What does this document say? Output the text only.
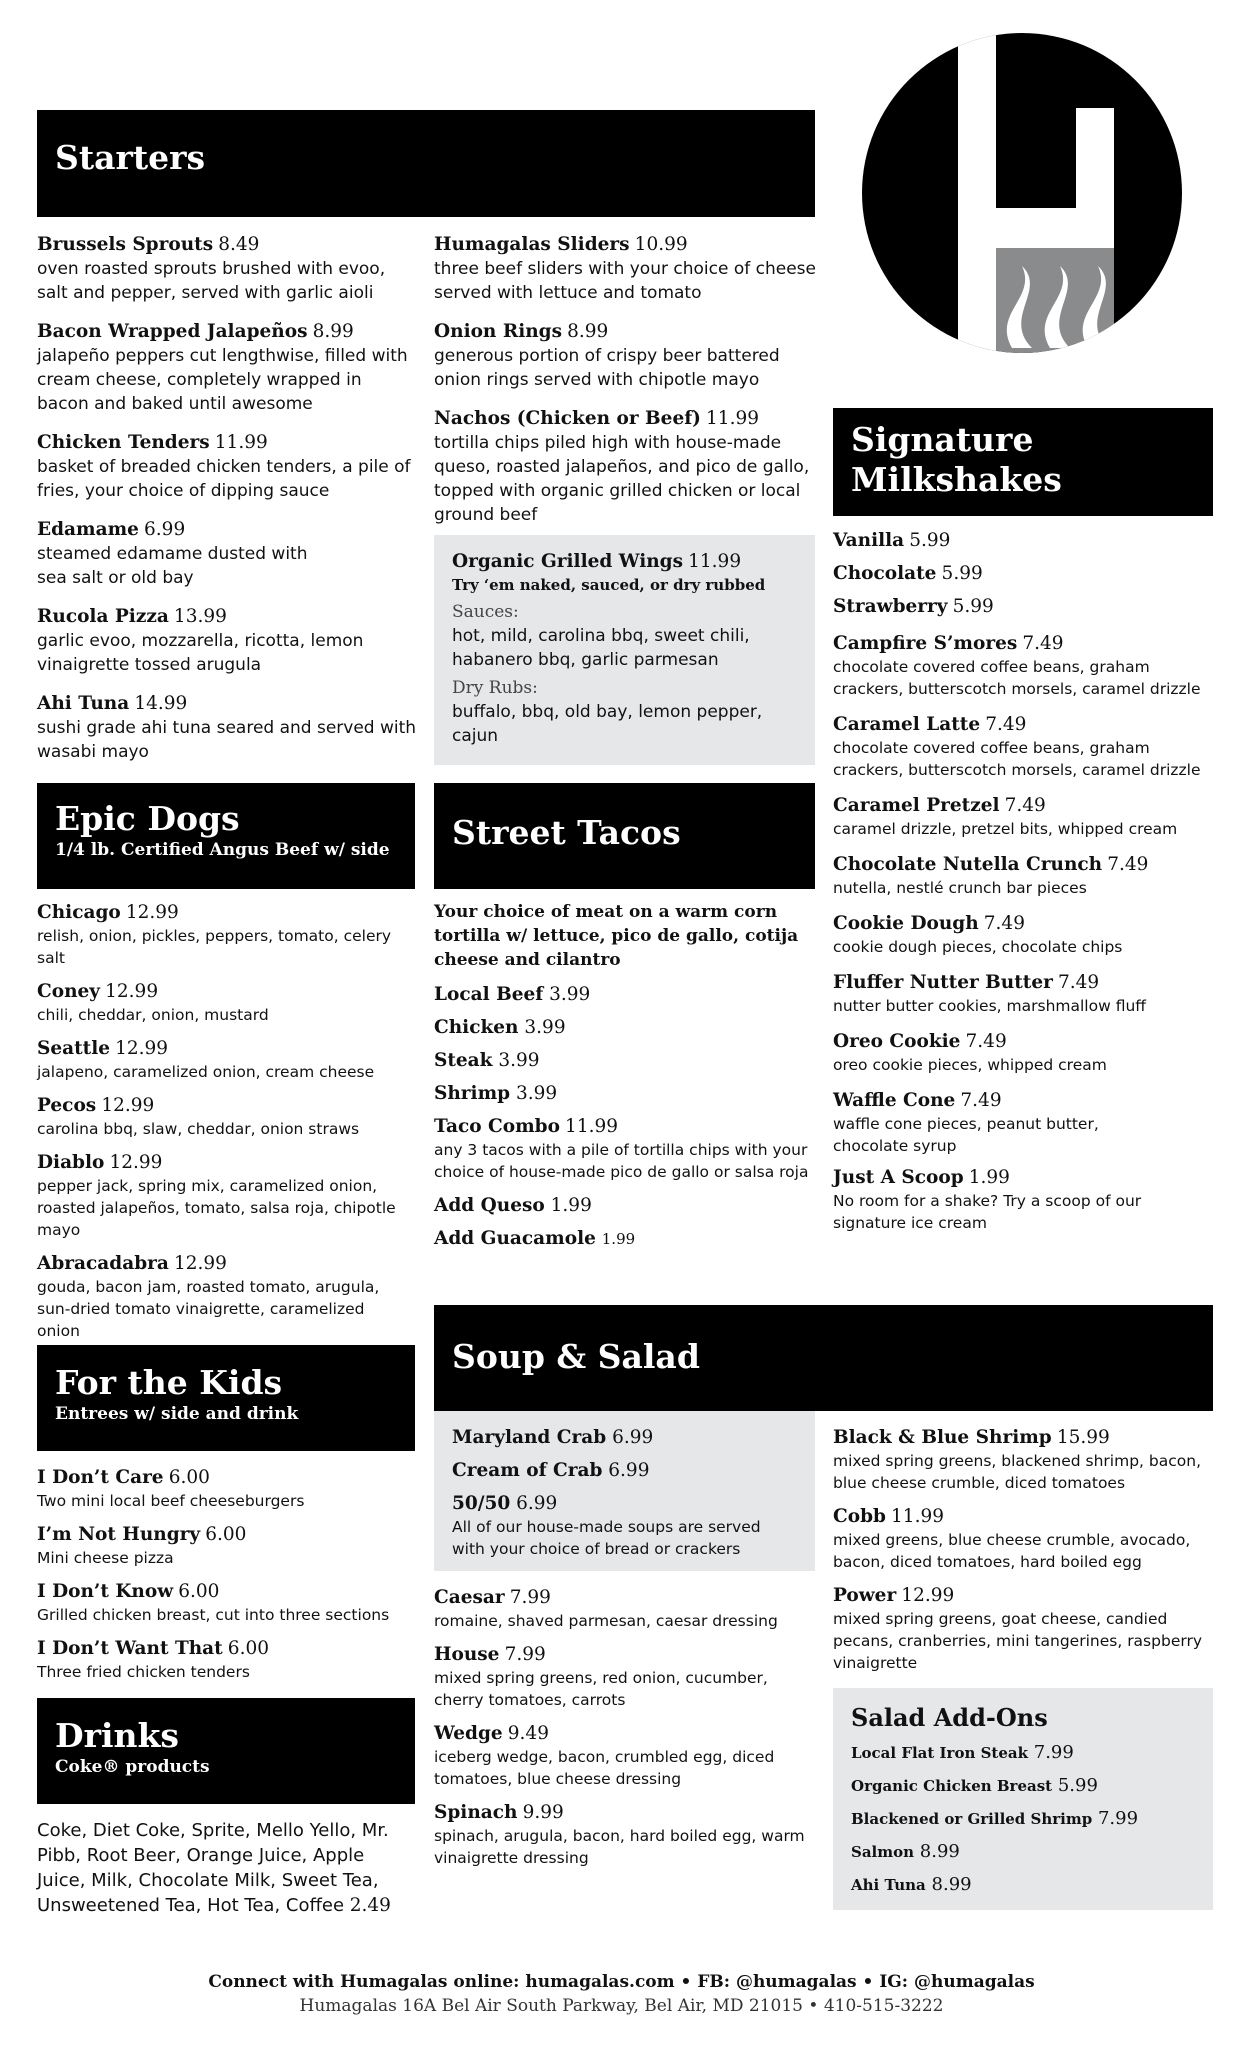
Starters
Brussels Sprouts 8.49
oven roasted sprouts brushed with evoo, salt and pepper, served with garlic aioli
Bacon Wrapped Jalapeños 8.99
jalapeño peppers cut lengthwise, filled with cream cheese, completely wrapped in bacon and baked until awesome
Chicken Tenders 11.99
basket of breaded chicken tenders, a pile of fries, your choice of dipping sauce
Edamame 6.99
steamed edamame dusted with sea salt or old bay
Rucola Pizza 13.99
garlic evoo, mozzarella, ricotta, lemon vinaigrette tossed arugula
Ahi Tuna 14.99
sushi grade ahi tuna seared and served with wasabi mayo
Humagalas Sliders 10.99
three beef sliders with your choice of cheese served with lettuce and tomato
Onion Rings 8.99
generous portion of crispy beer battered onion rings served with chipotle mayo
Nachos (Chicken or Beef) 11.99
tortilla chips piled high with house-made queso, roasted jalapeños, and pico de gallo, topped with organic grilled chicken or local ground beef
Organic Grilled Wings 11.99
Try ‘em naked, sauced, or dry rubbed
Sauces:
hot, mild, carolina bbq, sweet chili, habanero bbq, garlic parmesan
Dry Rubs:
buffalo, bbq, old bay, lemon pepper, cajun
Signature
Milkshakes
Vanilla 5.99
Chocolate 5.99
Strawberry 5.99
Campfire S’mores 7.49
chocolate covered coffee beans, graham crackers, butterscotch morsels, caramel drizzle
Caramel Latte 7.49
chocolate covered coffee beans, graham crackers, butterscotch morsels, caramel drizzle
Caramel Pretzel 7.49
caramel drizzle, pretzel bits, whipped cream
Chocolate Nutella Crunch 7.49
nutella, nestlé crunch bar pieces
Cookie Dough 7.49
cookie dough pieces, chocolate chips
Fluffer Nutter Butter 7.49
nutter butter cookies, marshmallow fluff
Oreo Cookie 7.49
oreo cookie pieces, whipped cream
Waffle Cone 7.49
waffle cone pieces, peanut butter, chocolate syrup
Just A Scoop 1.99
No room for a shake? Try a scoop of our signature ice cream
Epic Dogs
1/4 lb. Certified Angus Beef w/ side
Chicago 12.99
relish, onion, pickles, peppers, tomato, celery salt
Coney 12.99
chili, cheddar, onion, mustard
Seattle 12.99
jalapeno, caramelized onion, cream cheese
Pecos 12.99
carolina bbq, slaw, cheddar, onion straws
Diablo 12.99
pepper jack, spring mix, caramelized onion, roasted jalapeños, tomato, salsa roja, chipotle mayo
Abracadabra 12.99
gouda, bacon jam, roasted tomato, arugula, sun-dried tomato vinaigrette, caramelized onion
Street Tacos
Your choice of meat on a warm corn tortilla w/ lettuce, pico de gallo, cotija cheese and cilantro
Local Beef 3.99
Chicken 3.99
Steak 3.99
Shrimp 3.99
Taco Combo 11.99
any 3 tacos with a pile of tortilla chips with your choice of house-made pico de gallo or salsa roja
Add Queso 1.99
Add Guacamole 1.99
For the Kids
Entrees w/ side and drink
I Don’t Care 6.00
Two mini local beef cheeseburgers
I’m Not Hungry 6.00
Mini cheese pizza
I Don’t Know 6.00
Grilled chicken breast, cut into three sections
I Don’t Want That 6.00
Three fried chicken tenders
Drinks
Coke® products
Coke, Diet Coke, Sprite, Mello Yello, Mr. Pibb, Root Beer, Orange Juice, Apple Juice, Milk, Chocolate Milk, Sweet Tea, Unsweetened Tea, Hot Tea, Coffee 2.49
Soup & Salad
Maryland Crab 6.99
Cream of Crab 6.99
50/50 6.99
All of our house-made soups are served with your choice of bread or crackers
Caesar 7.99
romaine, shaved parmesan, caesar dressing
House 7.99
mixed spring greens, red onion, cucumber, cherry tomatoes, carrots
Wedge 9.49
iceberg wedge, bacon, crumbled egg, diced tomatoes, blue cheese dressing
Spinach 9.99
spinach, arugula, bacon, hard boiled egg, warm vinaigrette dressing
Black & Blue Shrimp 15.99
mixed spring greens, blackened shrimp, bacon, blue cheese crumble, diced tomatoes
Cobb 11.99
mixed greens, blue cheese crumble, avocado, bacon, diced tomatoes, hard boiled egg
Power 12.99
mixed spring greens, goat cheese, candied pecans, cranberries, mini tangerines, raspberry vinaigrette
Salad Add-Ons
Local Flat Iron Steak 7.99
Organic Chicken Breast 5.99
Blackened or Grilled Shrimp 7.99
Salmon 8.99
Ahi Tuna 8.99
Connect with Humagalas online: humagalas.com • FB: @humagalas • IG: @humagalas
Humagalas 16A Bel Air South Parkway, Bel Air, MD 21015 • 410-515-3222
